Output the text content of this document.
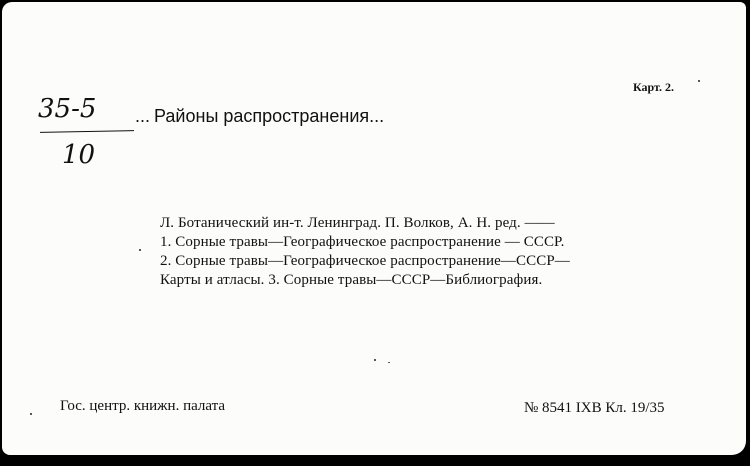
Карт. 2.
35-5
10
... Районы распространения...
Л. Ботанический ин-т. Ленинград. П. Волков, А. Н. ред. ——
1. Сорные травы—Географическое распространение — СССР.
2. Сорные травы—Географическое распространение—СССР—
Карты и атласы. 3. Сорные травы—СССР—Библиография.
Гос. центр. книжн. палата	№ 8541 IXB Кл. 19/35
